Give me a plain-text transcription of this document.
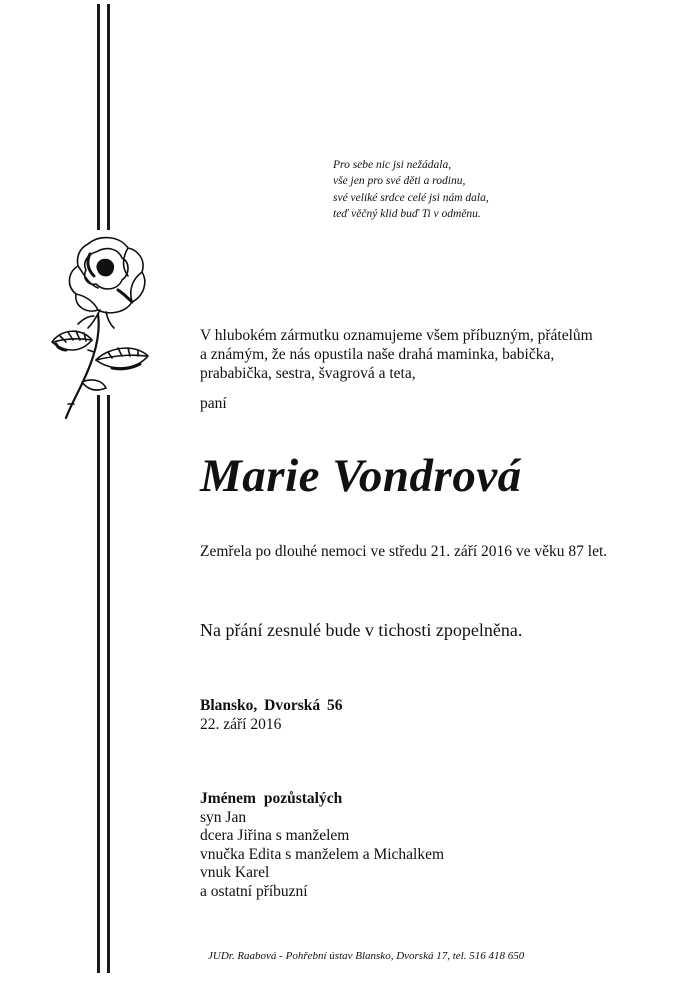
Pro sebe nic jsi nežádala,
vše jen pro své děti a rodinu,
své veliké srdce celé jsi nám dala,
teď věčný klid buď Ti v odměnu.
V hlubokém zármutku oznamujeme všem příbuzným, přátelům
a známým, že nás opustila naše drahá maminka, babička,
prababička, sestra, švagrová a teta,
paní
Marie Vondrová
Zemřela po dlouhé nemoci ve středu 21. září 2016 ve věku 87 let.
Na přání zesnulé bude v tichosti zpopelněna.
Blansko, Dvorská 56
22. září 2016
Jménem pozůstalých
syn Jan
dcera Jiřina s manželem
vnučka Edita s manželem a Michalkem
vnuk Karel
a ostatní příbuzní
JUDr. Raabová - Pohřební ústav Blansko, Dvorská 17, tel. 516 418 650
